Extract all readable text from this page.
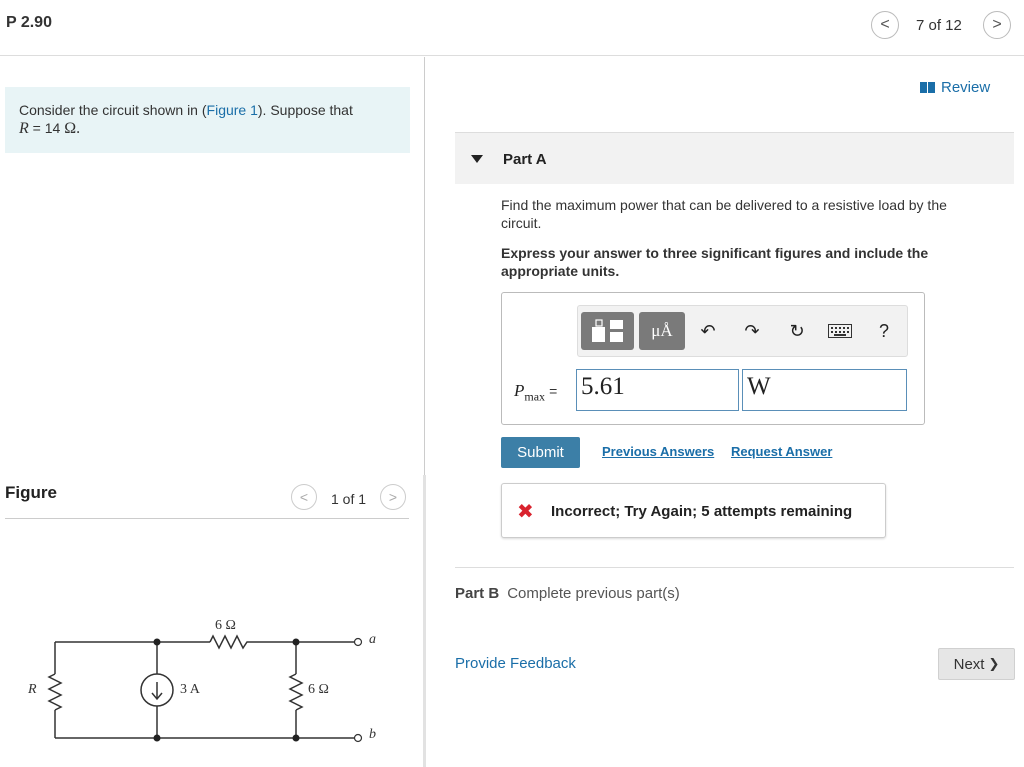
P 2.90	< 7 of 12 >
Consider the circuit shown in (Figure 1). Suppose that
R = 14 Ω.
Figure	< 1 of 1 >
R	3 A
6 Ω
6 Ω
a
b
Review
Part A
Find the maximum power that can be delivered to a resistive load by the circuit.
Express your answer to three significant figures and include the appropriate units.
μÅ	↶	↷	↻	?
$P_{max} = 5.61$	W
Submit	Previous Answers Request Answer
✖ Incorrect; Try Again; 5 attempts remaining
Part B Complete previous part(s)
Provide Feedback	Next ❯
